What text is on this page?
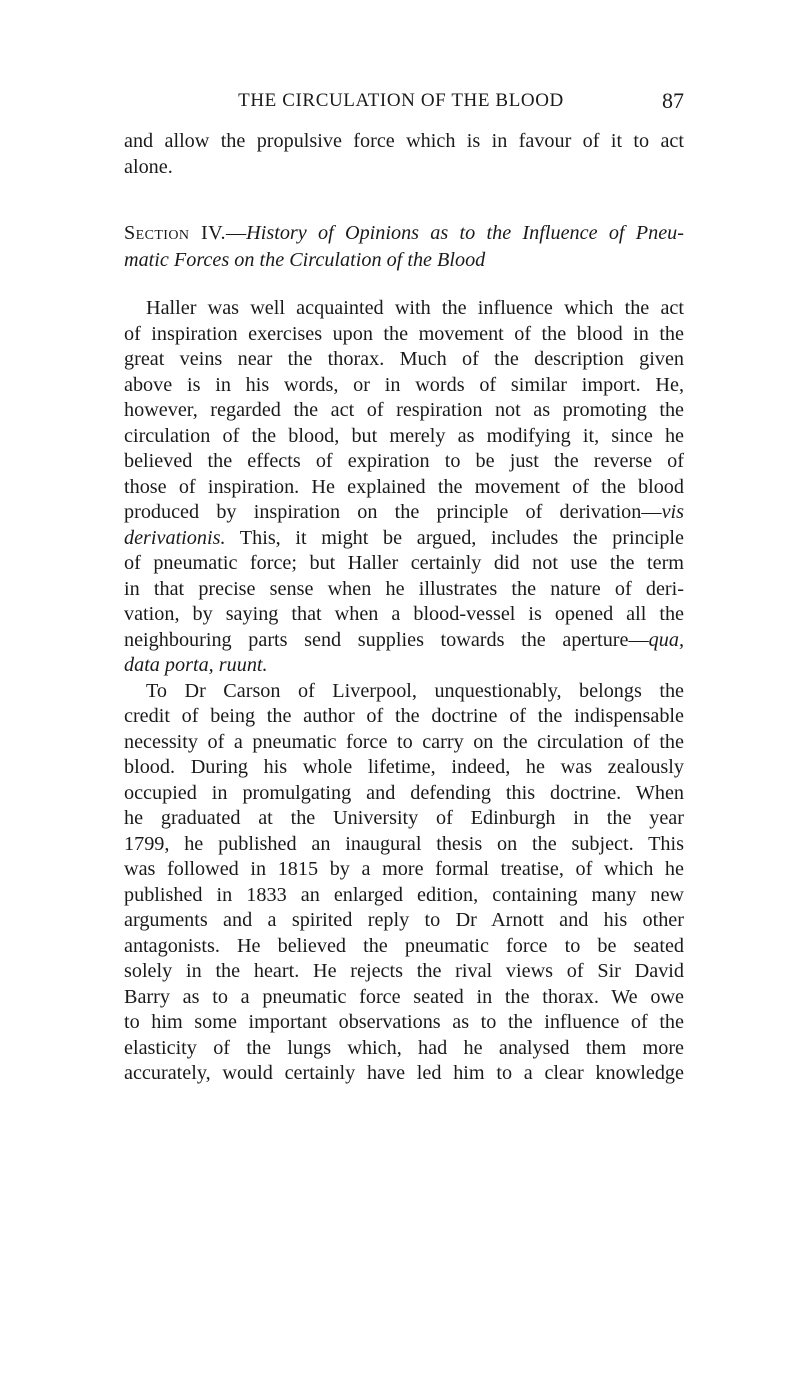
THE CIRCULATION OF THE BLOOD	87
and allow the propulsive force which is in favour of it to act
alone.
Section IV.—History of Opinions as to the Influence of Pneu-
matic Forces on the Circulation of the Blood
Haller was well acquainted with the influence which the act
of inspiration exercises upon the movement of the blood in the
great veins near the thorax. Much of the description given
above is in his words, or in words of similar import. He,
however, regarded the act of respiration not as promoting the
circulation of the blood, but merely as modifying it, since he
believed the effects of expiration to be just the reverse of
those of inspiration. He explained the movement of the blood
produced by inspiration on the principle of derivation—vis
derivationis. This, it might be argued, includes the principle
of pneumatic force; but Haller certainly did not use the term
in that precise sense when he illustrates the nature of deri-
vation, by saying that when a blood-vessel is opened all the
neighbouring parts send supplies towards the aperture—qua,
data porta, ruunt.
To Dr Carson of Liverpool, unquestionably, belongs the
credit of being the author of the doctrine of the indispensable
necessity of a pneumatic force to carry on the circulation of the
blood. During his whole lifetime, indeed, he was zealously
occupied in promulgating and defending this doctrine. When
he graduated at the University of Edinburgh in the year
1799, he published an inaugural thesis on the subject. This
was followed in 1815 by a more formal treatise, of which he
published in 1833 an enlarged edition, containing many new
arguments and a spirited reply to Dr Arnott and his other
antagonists. He believed the pneumatic force to be seated
solely in the heart. He rejects the rival views of Sir David
Barry as to a pneumatic force seated in the thorax. We owe
to him some important observations as to the influence of the
elasticity of the lungs which, had he analysed them more
accurately, would certainly have led him to a clear knowledge
